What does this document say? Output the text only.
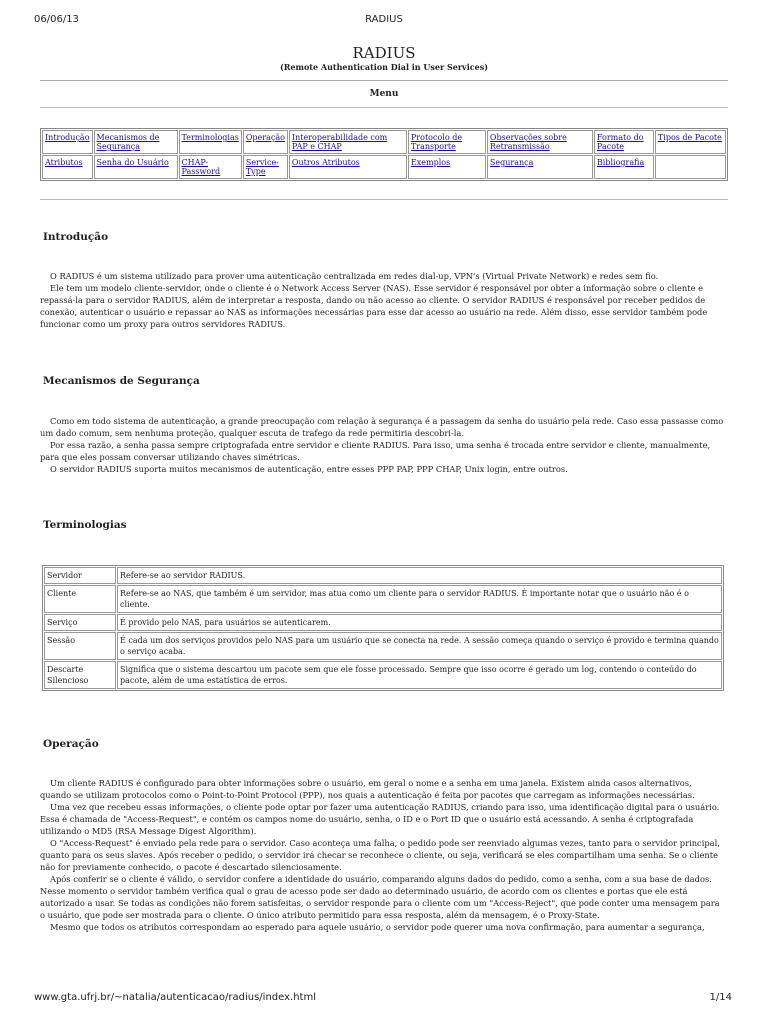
06/06/13	RADIUS
RADIUS
(Remote Authentication Dial in User Services)
Menu
Introdução	Mecanismos de Segurança	Terminologias	Operação	Interoperabilidade com PAP e CHAP	Protocolo de Transporte	Observações sobre Retransmissão	Formato do Pacote	Tipos de Pacote
Atributos	Senha do Usuário	CHAP-Password	Service-Type	Outros Atributos	Exemplos	Segurança	Bibliografia	
Introdução

O RADIUS é um sistema utilizado para prover uma autenticação centralizada em redes dial-up, VPN's (Virtual Private Network) e redes sem fio.

Ele tem um modelo cliente-servidor, onde o cliente é o Network Access Server (NAS). Esse servidor é responsável por obter a informação sobre o cliente e repassá-la para o servidor RADIUS, além de interpretar a resposta, dando ou não acesso ao cliente. O servidor RADIUS é responsável por receber pedidos de conexão, autenticar o usuário e repassar ao NAS as informações necessárias para esse dar acesso ao usuário na rede. Além disso, esse servidor também pode funcionar como um proxy para outros servidores RADIUS.

Mecanismos de Segurança

Como em todo sistema de autenticação, a grande preocupação com relação à segurança é a passagem da senha do usuário pela rede. Caso essa passasse como um dado comum, sem nenhuma proteção, qualquer escuta de trafego da rede permitiria descobri-la.

Por essa razão, a senha passa sempre criptografada entre servidor e cliente RADIUS. Para isso, uma senha é trocada entre servidor e cliente, manualmente, para que eles possam conversar utilizando chaves simétricas.

O servidor RADIUS suporta muitos mecanismos de autenticação, entre esses PPP PAP, PPP CHAP, Unix login, entre outros.

Terminologias
Servidor	Refere-se ao servidor RADIUS.
Cliente	Refere-se ao NAS, que também é um servidor, mas atua como um cliente para o servidor RADIUS. É importante notar que o usuário não é o cliente.
Serviço	É provido pelo NAS, para usuários se autenticarem.
Sessão	É cada um dos serviços providos pelo NAS para um usuário que se conecta na rede. A sessão começa quando o serviço é provido e termina quando o serviço acaba.
Descarte Silencioso	Significa que o sistema descartou um pacote sem que ele fosse processado. Sempre que isso ocorre é gerado um log, contendo o conteúdo do pacote, além de uma estatística de erros.
Operação

Um cliente RADIUS é configurado para obter informações sobre o usuário, em geral o nome e a senha em uma janela. Existem ainda casos alternativos, quando se utilizam protocolos como o Point-to-Point Protocol (PPP), nos quais a autenticação é feita por pacotes que carregam as informações necessárias.

Uma vez que recebeu essas informações, o cliente pode optar por fazer uma autenticação RADIUS, criando para isso, uma identificação digital para o usuário. Essa é chamada de "Access-Request", e contém os campos nome do usuário, senha, o ID e o Port ID que o usuário está acessando. A senha é criptografada utilizando o MD5 (RSA Message Digest Algorithm).

O "Access-Request" é enviado pela rede para o servidor. Caso aconteça uma falha, o pedido pode ser reenviado algumas vezes, tanto para o servidor principal, quanto para os seus slaves. Após receber o pedido, o servidor irá checar se reconhece o cliente, ou seja, verificará se eles compartilham uma senha. Se o cliente não for previamente conhecido, o pacote é descartado silenciosamente.

Após conferir se o cliente é válido, o servidor confere a identidade do usuário, comparando alguns dados do pedido, como a senha, com a sua base de dados. Nesse momento o servidor também verifica qual o grau de acesso pode ser dado ao determinado usuário, de acordo com os clientes e portas que ele está autorizado a usar. Se todas as condições não forem satisfeitas, o servidor responde para o cliente com um "Access-Reject", que pode conter uma mensagem para o usuário, que pode ser mostrada para o cliente. O único atributo permitido para essa resposta, além da mensagem, é o Proxy-State.

Mesmo que todos os atributos correspondam ao esperado para aquele usuário, o servidor pode querer uma nova confirmação, para aumentar a segurança,

www.gta.ufrj.br/~natalia/autenticacao/radius/index.html	1/14
